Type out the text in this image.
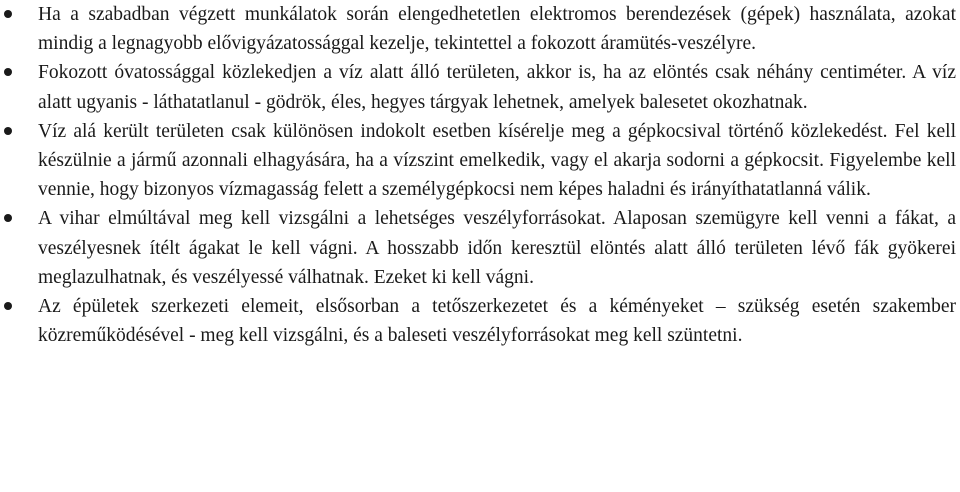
Ha a szabadban végzett munkálatok során elengedhetetlen elektromos berendezések (gépek) használata, azokat mindig a legnagyobb elővigyázatossággal kezelje, tekintettel a fokozott áramütés-veszélyre.
Fokozott óvatossággal közlekedjen a víz alatt álló területen, akkor is, ha az elöntés csak néhány centiméter. A víz alatt ugyanis - láthatatlanul - gödrök, éles, hegyes tárgyak lehetnek, amelyek balesetet okozhatnak.
Víz alá került területen csak különösen indokolt esetben kísérelje meg a gépkocsival történő közlekedést. Fel kell készülnie a jármű azonnali elhagyására, ha a vízszint emelkedik, vagy el akarja sodorni a gépkocsit. Figyelembe kell vennie, hogy bizonyos vízmagasság felett a személygépkocsi nem képes haladni és irányíthatatlanná válik.
A vihar elmúltával meg kell vizsgálni a lehetséges veszélyforrásokat. Alaposan szemügyre kell venni a fákat, a veszélyesnek ítélt ágakat le kell vágni. A hosszabb időn keresztül elöntés alatt álló területen lévő fák gyökerei meglazulhatnak, és veszélyessé válhatnak. Ezeket ki kell vágni.
Az épületek szerkezeti elemeit, elsősorban a tetőszerkezetet és a kéményeket – szükség esetén szakember közreműködésével - meg kell vizsgálni, és a baleseti veszélyforrásokat meg kell szüntetni.
